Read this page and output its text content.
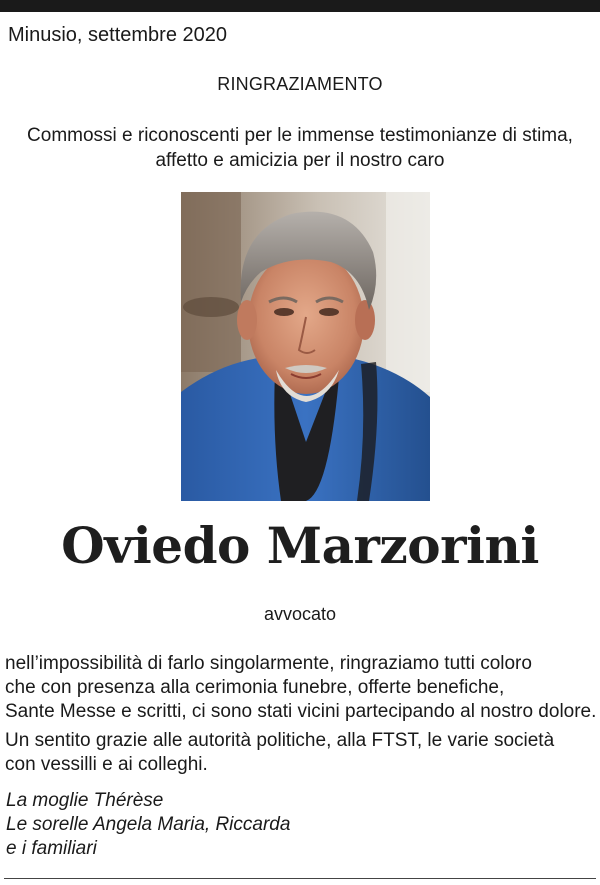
Minusio, settembre 2020
RINGRAZIAMENTO
Commossi e riconoscenti per le immense testimonianze di stima,
affetto e amicizia per il nostro caro
Oviedo Marzorini
avvocato

nell’impossibilità di farlo singolarmente, ringraziamo tutti coloro
che con presenza alla cerimonia funebre, offerte benefiche,
Sante Messe e scritti, ci sono stati vicini partecipando al nostro dolore.

Un sentito grazie alle autorità politiche, alla FTST, le varie società
con vessilli e ai colleghi.

La moglie Thérèse
Le sorelle Angela Maria, Riccarda
e i familiari
